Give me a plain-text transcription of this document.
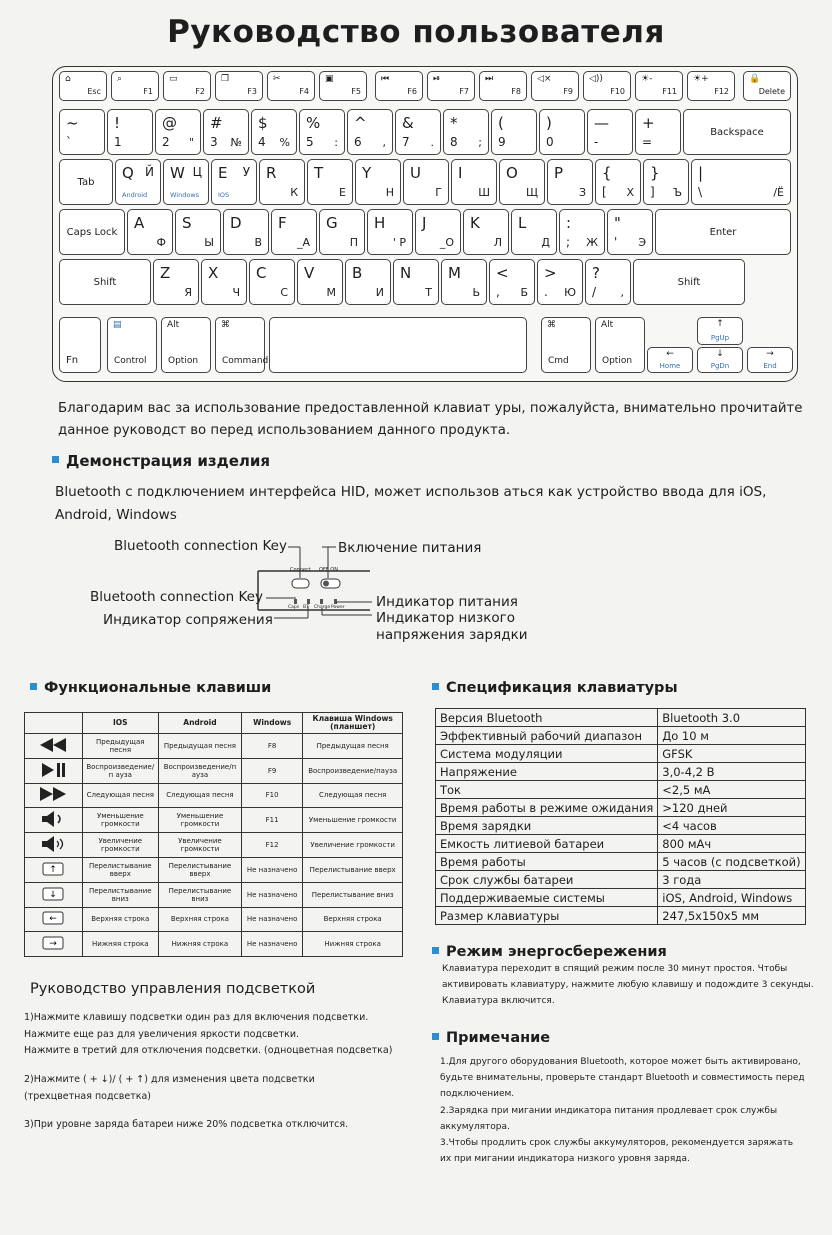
Руководство пользователя
⌂
Esc
⌕
F1
▭
F2
❐
F3
✂
F4
▣
F5
⏮
F6
⏯
F7
⏭
F8
◁×
F9
◁))
F10
☀-
F11
☀+
F12
🔒
Delete
~
`
!
1
@
2 "
#
3 №
$
4 %
%
5 :
^
6 ,
&
7 .
*
8 ;
(
9
)
0
—
-
+
=
Backspace
Tab
Q Й
Android
W Ц
Windows
E У
IOS
R
К
T
Е
Y
Н
U
Г
I
Ш
O
Щ
P
З
{
[ Х
}
] Ъ
|
\	/Ё
Caps Lock
A
Ф
S
Ы
D
В
F
_А
G
П
H
' Р
J
_О
K
Л
L
Д
:
; Ж
"
' Э
Enter
Shift
Z
Я
X
Ч
C
С
V
М
B
И
N
Т
M
Ь
<
, Б
>
. Ю
?
/ ,
Shift
Fn
▤
Control
Alt
Option
⌘
Command
⌘
Cmd
Alt
Option
↑
PgUp
←
Home
↓
PgDn
→
End
Благодарим вас за использование предоставленной клавиат уры, пожалуйста, внимательно прочитайте
данное руководст во перед использованием данного продукта.
Демонстрация изделия
Bluetooth с подключением интерфейса HID, может использов аться как устройство ввода для iOS,
Android, Windows
Connect OFF ON
Caps BT Charge Power
Bluetooth connection Key	Включение питания
Bluetooth connection Key	Индикатор питания
Индикатор сопряжения	Индикатор низкого
напряжения зарядки
Функциональные клавиши
	IOS	Android	Windows	Клавиша Windows (планшет)
	Предыдущая песня	Предыдущая песня	F8	Предыдущая песня
	Воспроизведение/п ауза	Воспроизведение/п ауза	F9	Воспроизведение/пауза
	Следующая песня	Следующая песня	F10	Следующая песня
	Уменьшение громкости	Уменьшение громкости	F11	Уменьшение громкости
	Увеличение громкости	Увеличение громкости	F12	Увеличение громкости

↑	Перелистывание вверх	Перелистывание вверх	Не назначено	Перелистывание вверх

↓	Перелистывание вниз	Перелистывание вниз	Не назначено	Перелистывание вниз

←	Верхняя строка	Верхняя строка	Не назначено	Верхняя строка

→	Нижняя строка	Нижняя строка	Не назначено	Нижняя строка
Спецификация клавиатуры
Версия Bluetooth	Bluetooth 3.0
Эффективный рабочий диапазон	До 10 м
Система модуляции	GFSK
Напряжение	3,0-4,2 В
Ток	<2,5 мА
Время работы в режиме ожидания	>120 дней
Время зарядки	<4 часов
Емкость литиевой батареи	800 мАч
Время работы	5 часов (с подсветкой)
Срок службы батареи	3 года
Поддерживаемые системы	iOS, Android, Windows
Размер клавиатуры	247,5x150x5 мм
Руководство управления подсветкой
1)Нажмите клавишу подсветки один раз для включения подсветки.
Нажмите еще раз для увеличения яркости подсветки.
Нажмите в третий для отключения подсветки. (одноцветная подсветка)
2)Нажмите ( + ↓)/ ( + ↑) для изменения цвета подсветки
(трехцветная подсветка)
3)При уровне заряда батареи ниже 20% подсветка отключится.
Режим энергосбережения
Клавиатура переходит в спящий режим после 30 минут простоя. Чтобы
активировать клавиатуру, нажмите любую клавишу и подождите 3 секунды.
Клавиатура включится.
Примечание
1.Для другого оборудования Bluetooth, которое может быть активировано,
будьте внимательны, проверьте стандарт Bluetooth и совместимость перед
подключением.
2.Зарядка при мигании индикатора питания продлевает срок службы
аккумулятора.
3.Чтобы продлить срок службы аккумуляторов, рекомендуется заряжать
их при мигании индикатора низкого уровня заряда.
